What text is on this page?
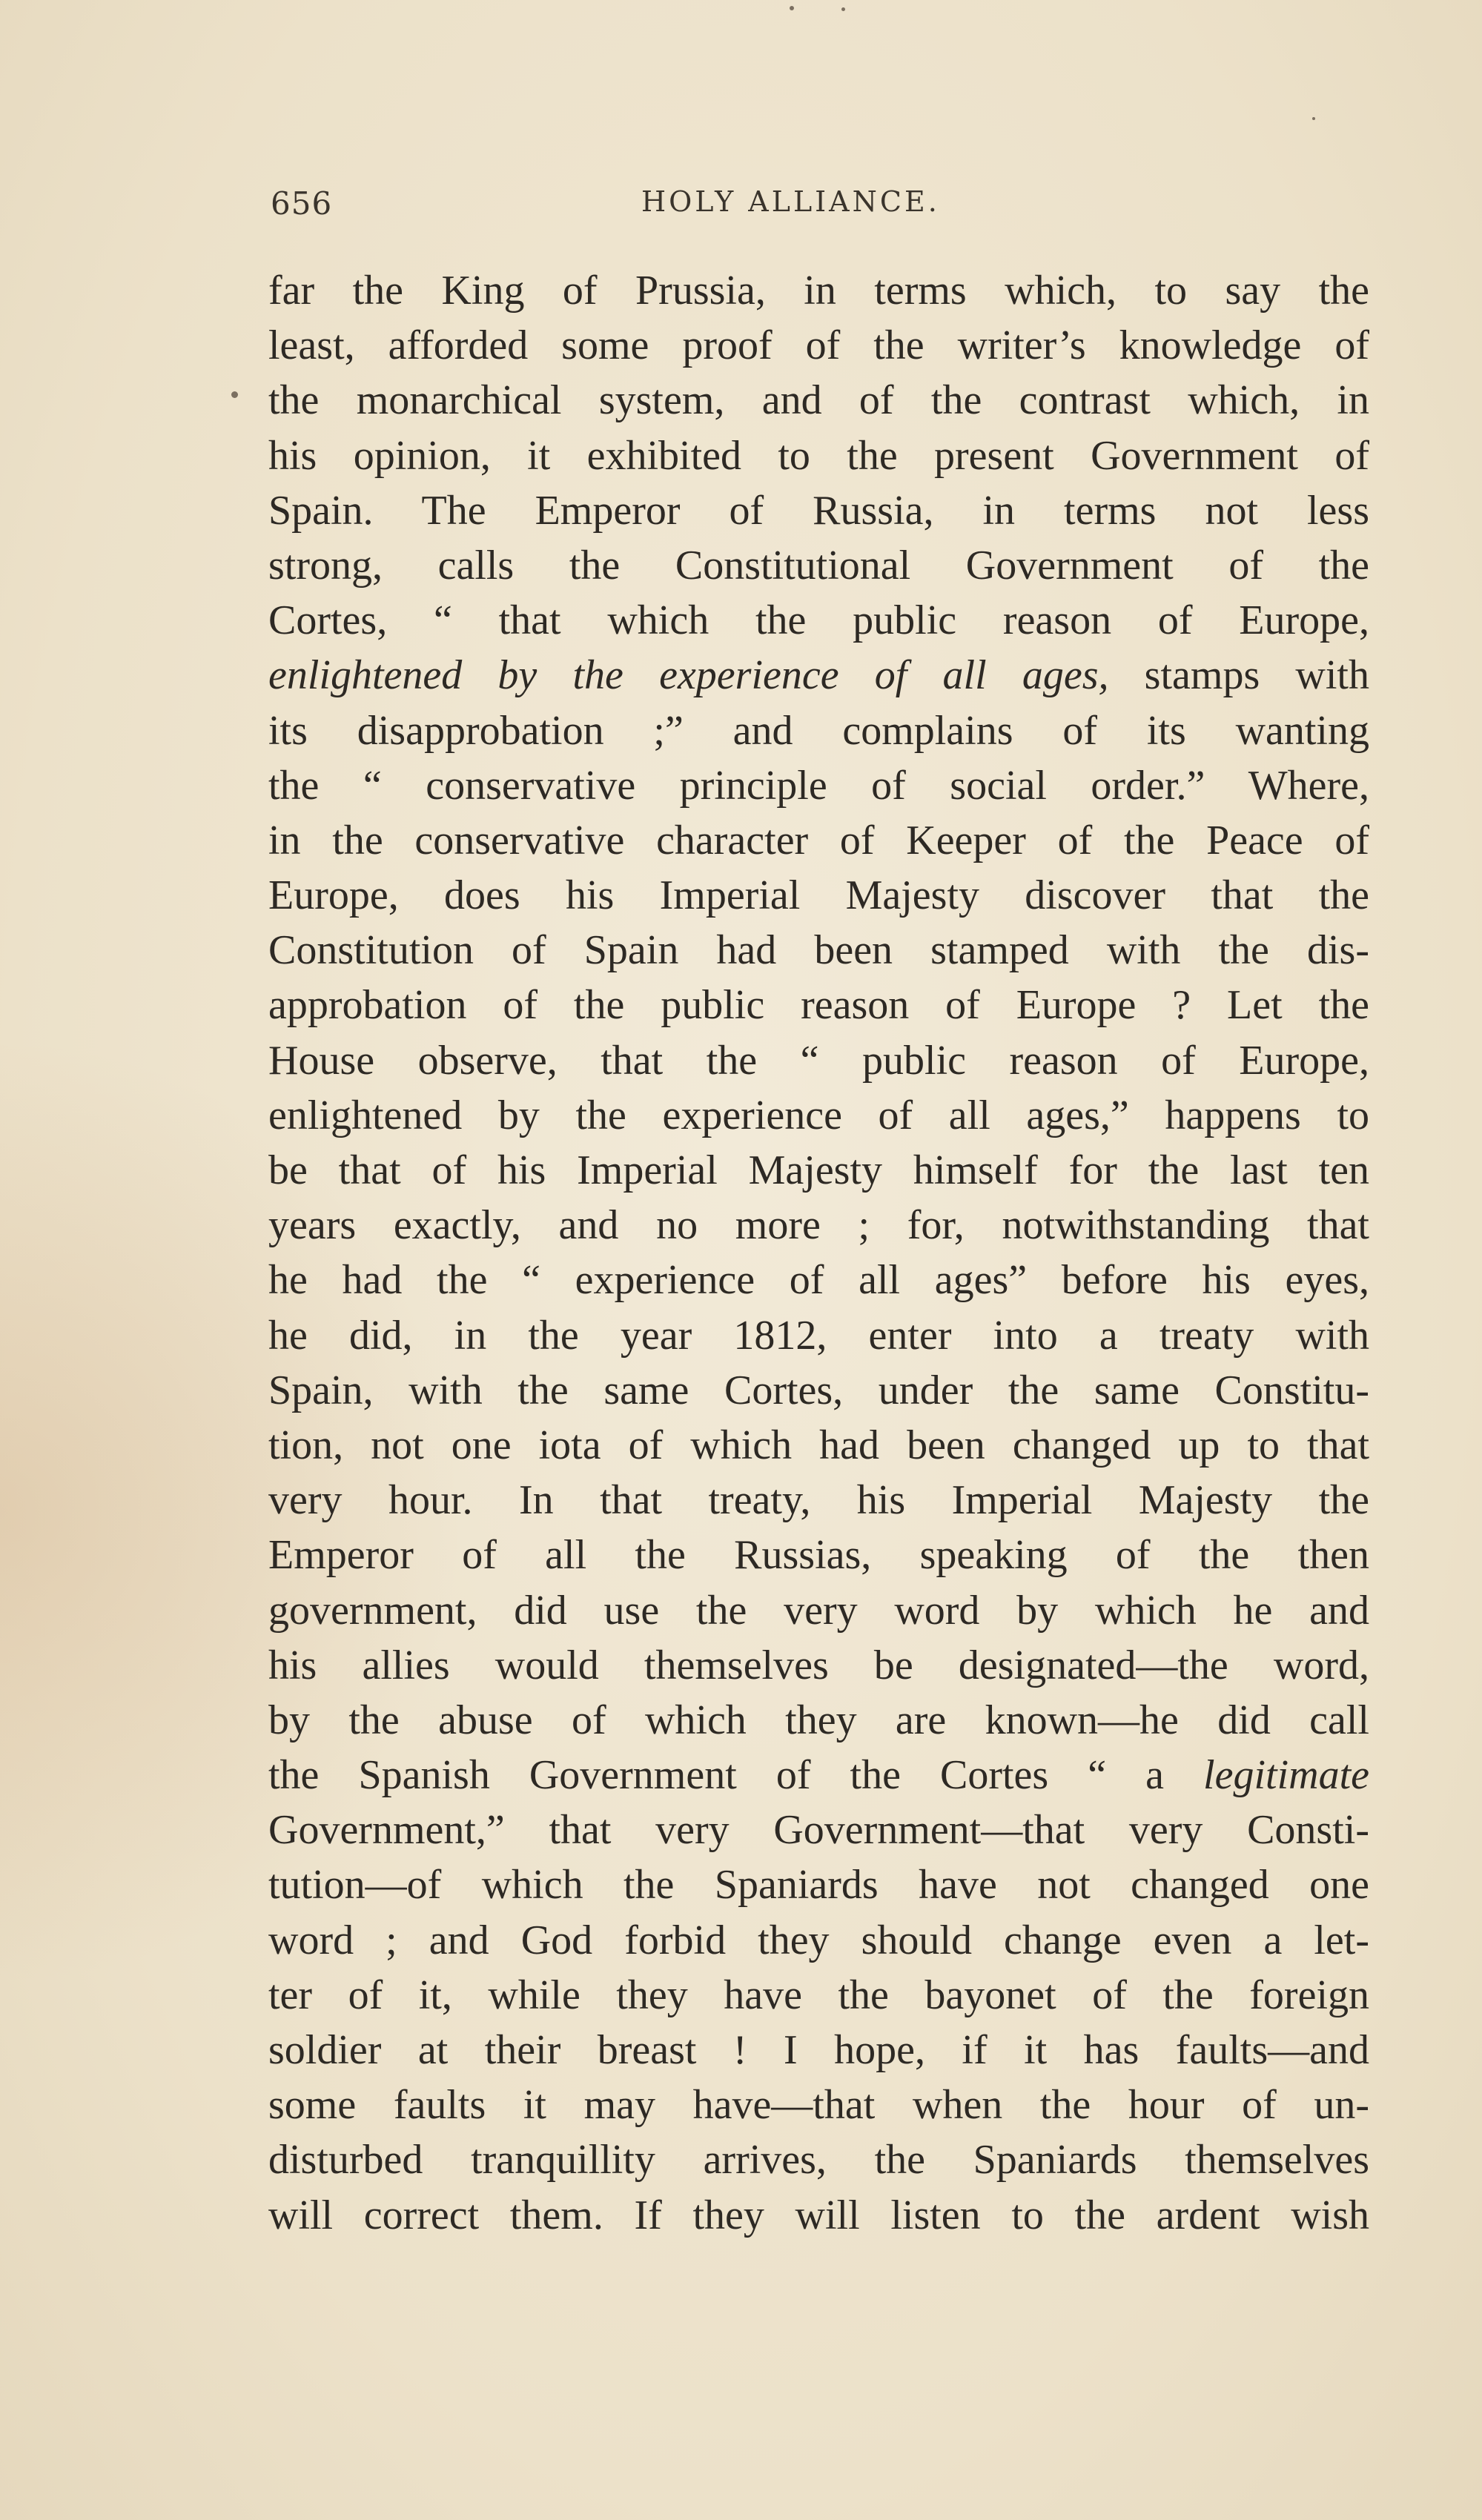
656	HOLY ALLIANCE.
far the King of Prussia, in terms which, to say the
least, afforded some proof of the writer’s knowledge of
the monarchical system, and of the contrast which, in
his opinion, it exhibited to the present Government of
Spain. The Emperor of Russia, in terms not less
strong, calls the Constitutional Government of the
Cortes, “ that which the public reason of Europe,
enlightened by the experience of all ages, stamps with
its disapprobation ;” and complains of its wanting
the “ conservative principle of social order.” Where,
in the conservative character of Keeper of the Peace of
Europe, does his Imperial Majesty discover that the
Constitution of Spain had been stamped with the dis-
approbation of the public reason of Europe ? Let the
House observe, that the “ public reason of Europe,
enlightened by the experience of all ages,” happens to
be that of his Imperial Majesty himself for the last ten
years exactly, and no more ; for, notwithstanding that
he had the “ experience of all ages” before his eyes,
he did, in the year 1812, enter into a treaty with
Spain, with the same Cortes, under the same Constitu-
tion, not one iota of which had been changed up to that
very hour. In that treaty, his Imperial Majesty the
Emperor of all the Russias, speaking of the then
government, did use the very word by which he and
his allies would themselves be designated—the word,
by the abuse of which they are known—he did call
the Spanish Government of the Cortes “ a legitimate
Government,” that very Government—that very Consti-
tution—of which the Spaniards have not changed one
word ; and God forbid they should change even a let-
ter of it, while they have the bayonet of the foreign
soldier at their breast ! I hope, if it has faults—and
some faults it may have—that when the hour of un-
disturbed tranquillity arrives, the Spaniards themselves
will correct them. If they will listen to the ardent wish
